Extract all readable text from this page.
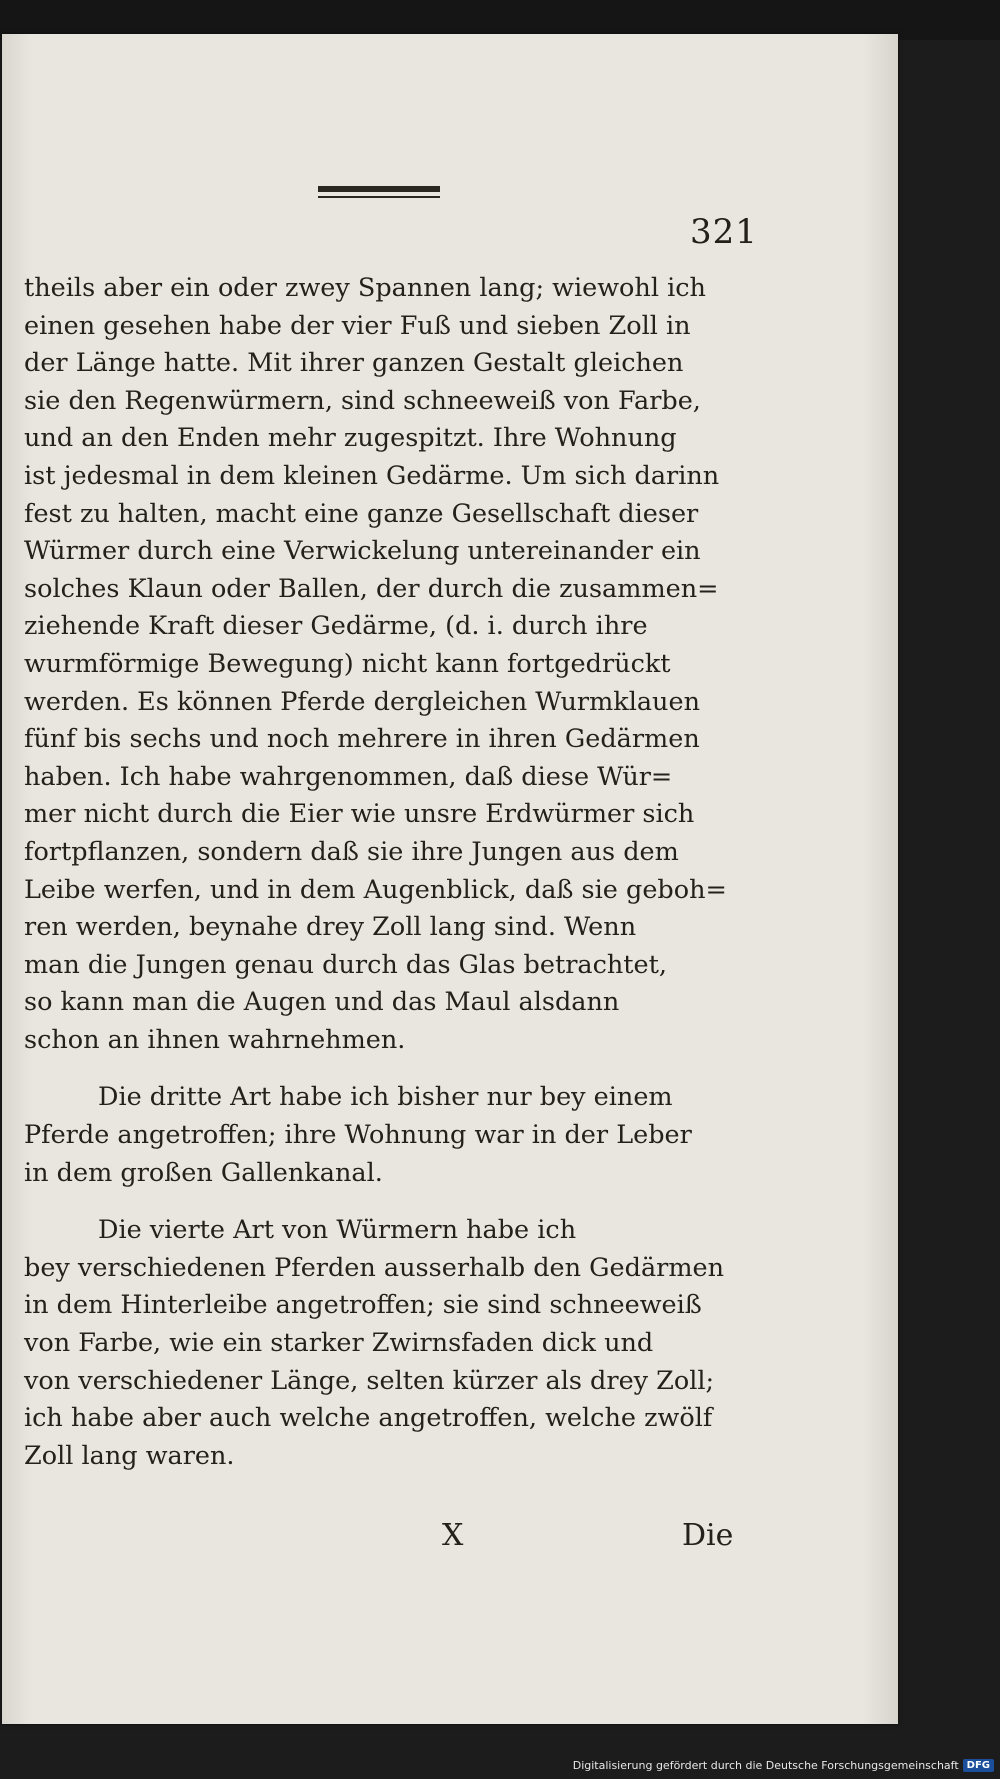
321
theils aber ein oder zwey Spannen lang; wiewohl ich
einen gesehen habe der vier Fuß und sieben Zoll in
der Länge hatte. Mit ihrer ganzen Gestalt gleichen
sie den Regenwürmern, sind schneeweiß von Farbe,
und an den Enden mehr zugespitzt. Ihre Wohnung
ist jedesmal in dem kleinen Gedärme. Um sich darinn
fest zu halten, macht eine ganze Gesellschaft dieser
Würmer durch eine Verwickelung untereinander ein
solches Klaun oder Ballen, der durch die zusammen=
ziehende Kraft dieser Gedärme, (d. i. durch ihre
wurmförmige Bewegung) nicht kann fortgedrückt
werden. Es können Pferde dergleichen Wurmklauen
fünf bis sechs und noch mehrere in ihren Gedärmen
haben. Ich habe wahrgenommen, daß diese Wür=
mer nicht durch die Eier wie unsre Erdwürmer sich
fortpflanzen, sondern daß sie ihre Jungen aus dem
Leibe werfen, und in dem Augenblick, daß sie geboh=
ren werden, beynahe drey Zoll lang sind. Wenn
man die Jungen genau durch das Glas betrachtet,
so kann man die Augen und das Maul alsdann
schon an ihnen wahrnehmen.
Die dritte Art habe ich bisher nur bey einem
Pferde angetroffen; ihre Wohnung war in der Leber
in dem großen Gallenkanal.
Die vierte Art von Würmern habe ich
bey verschiedenen Pferden ausserhalb den Gedärmen
in dem Hinterleibe angetroffen; sie sind schneeweiß
von Farbe, wie ein starker Zwirnsfaden dick und
von verschiedener Länge, selten kürzer als drey Zoll;
ich habe aber auch welche angetroffen, welche zwölf
Zoll lang waren.
X	Die
Digitalisierung gefördert durch die Deutsche Forschungsgemeinschaft DFG
